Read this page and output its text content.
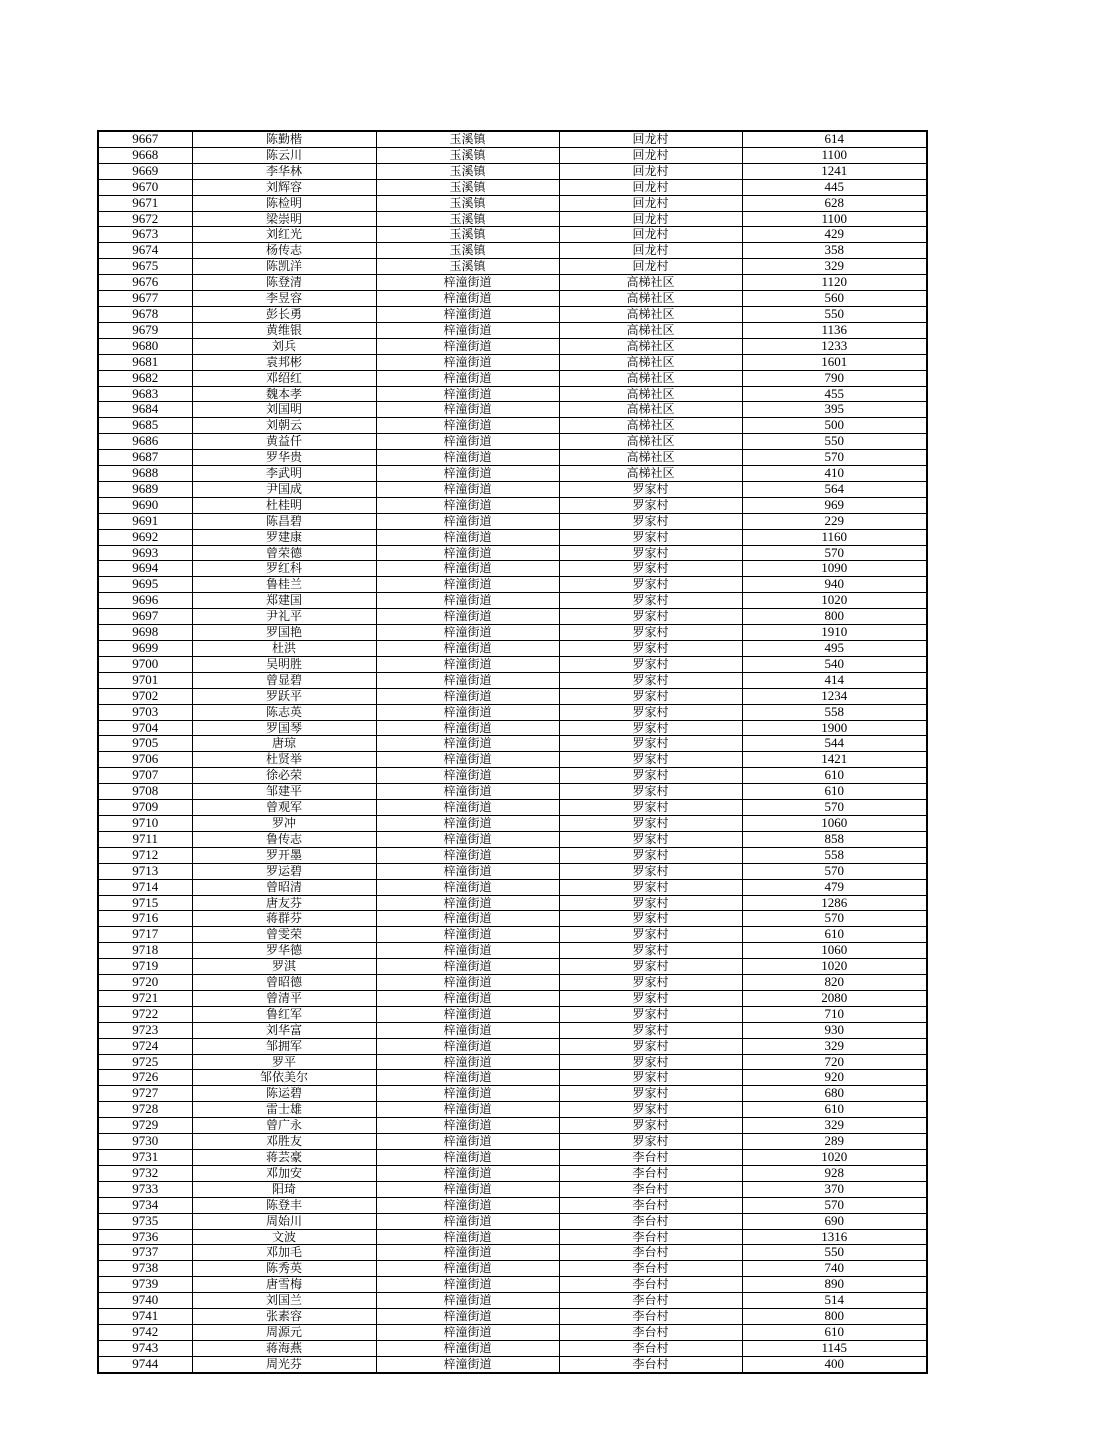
9667	陈勤楷	玉溪镇	回龙村	614
9668	陈云川	玉溪镇	回龙村	1100
9669	李华林	玉溪镇	回龙村	1241
9670	刘辉容	玉溪镇	回龙村	445
9671	陈检明	玉溪镇	回龙村	628
9672	梁崇明	玉溪镇	回龙村	1100
9673	刘红光	玉溪镇	回龙村	429
9674	杨传志	玉溪镇	回龙村	358
9675	陈凯洋	玉溪镇	回龙村	329
9676	陈登清	梓潼街道	高梯社区	1120
9677	李昱容	梓潼街道	高梯社区	560
9678	彭长勇	梓潼街道	高梯社区	550
9679	黄维银	梓潼街道	高梯社区	1136
9680	刘兵	梓潼街道	高梯社区	1233
9681	袁邦彬	梓潼街道	高梯社区	1601
9682	邓绍红	梓潼街道	高梯社区	790
9683	魏本孝	梓潼街道	高梯社区	455
9684	刘国明	梓潼街道	高梯社区	395
9685	刘朝云	梓潼街道	高梯社区	500
9686	黄益仟	梓潼街道	高梯社区	550
9687	罗华贵	梓潼街道	高梯社区	570
9688	李武明	梓潼街道	高梯社区	410
9689	尹国成	梓潼街道	罗家村	564
9690	杜桂明	梓潼街道	罗家村	969
9691	陈昌碧	梓潼街道	罗家村	229
9692	罗建康	梓潼街道	罗家村	1160
9693	曾荣德	梓潼街道	罗家村	570
9694	罗红科	梓潼街道	罗家村	1090
9695	鲁桂兰	梓潼街道	罗家村	940
9696	郑建国	梓潼街道	罗家村	1020
9697	尹礼平	梓潼街道	罗家村	800
9698	罗国艳	梓潼街道	罗家村	1910
9699	杜洪	梓潼街道	罗家村	495
9700	吴明胜	梓潼街道	罗家村	540
9701	曾显碧	梓潼街道	罗家村	414
9702	罗跃平	梓潼街道	罗家村	1234
9703	陈志英	梓潼街道	罗家村	558
9704	罗国琴	梓潼街道	罗家村	1900
9705	唐琼	梓潼街道	罗家村	544
9706	杜贤举	梓潼街道	罗家村	1421
9707	徐必荣	梓潼街道	罗家村	610
9708	邹建平	梓潼街道	罗家村	610
9709	曾观军	梓潼街道	罗家村	570
9710	罗冲	梓潼街道	罗家村	1060
9711	鲁传志	梓潼街道	罗家村	858
9712	罗开墨	梓潼街道	罗家村	558
9713	罗运碧	梓潼街道	罗家村	570
9714	曾昭清	梓潼街道	罗家村	479
9715	唐友芬	梓潼街道	罗家村	1286
9716	蒋群芬	梓潼街道	罗家村	570
9717	曾雯荣	梓潼街道	罗家村	610
9718	罗华德	梓潼街道	罗家村	1060
9719	罗淇	梓潼街道	罗家村	1020
9720	曾昭德	梓潼街道	罗家村	820
9721	曾清平	梓潼街道	罗家村	2080
9722	鲁红军	梓潼街道	罗家村	710
9723	刘华富	梓潼街道	罗家村	930
9724	邹拥军	梓潼街道	罗家村	329
9725	罗平	梓潼街道	罗家村	720
9726	邹依美尔	梓潼街道	罗家村	920
9727	陈运碧	梓潼街道	罗家村	680
9728	雷士雄	梓潼街道	罗家村	610
9729	曾广永	梓潼街道	罗家村	329
9730	邓胜友	梓潼街道	罗家村	289
9731	蒋芸豪	梓潼街道	李台村	1020
9732	邓加安	梓潼街道	李台村	928
9733	阳琦	梓潼街道	李台村	370
9734	陈登丰	梓潼街道	李台村	570
9735	周始川	梓潼街道	李台村	690
9736	文波	梓潼街道	李台村	1316
9737	邓加毛	梓潼街道	李台村	550
9738	陈秀英	梓潼街道	李台村	740
9739	唐雪梅	梓潼街道	李台村	890
9740	刘国兰	梓潼街道	李台村	514
9741	张素容	梓潼街道	李台村	800
9742	周源元	梓潼街道	李台村	610
9743	蒋海燕	梓潼街道	李台村	1145
9744	周光芬	梓潼街道	李台村	400
